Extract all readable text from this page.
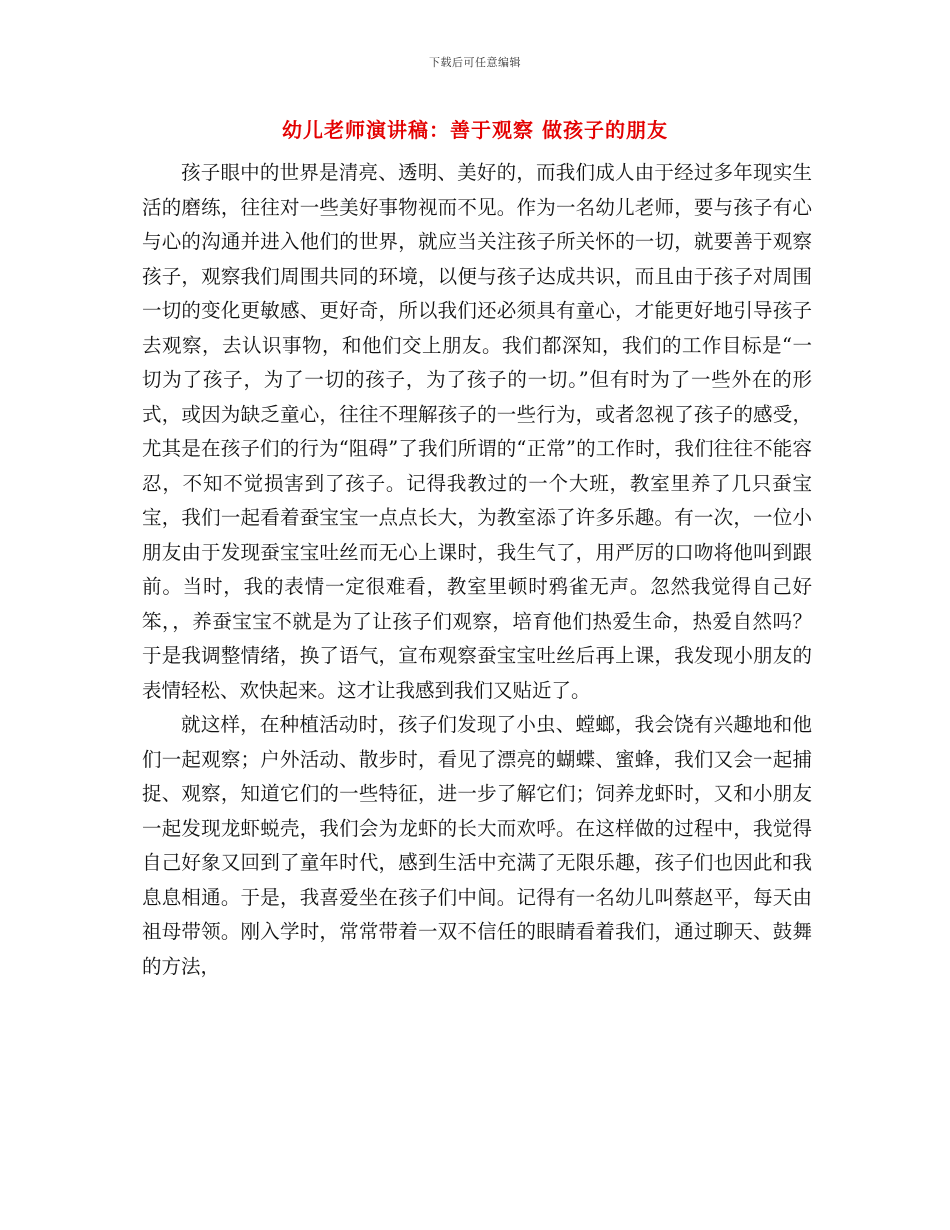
下载后可任意编辑
幼儿老师演讲稿：善于观察 做孩子的朋友

孩子眼中的世界是清亮、透明、美好的，而我们成人由于经过多年现实生活的磨练，往往对一些美好事物视而不见。作为一名幼儿老师，要与孩子有心与心的沟通并进入他们的世界，就应当关注孩子所关怀的一切，就要善于观察孩子，观察我们周围共同的环境，以便与孩子达成共识，而且由于孩子对周围一切的变化更敏感、更好奇，所以我们还必须具有童心，才能更好地引导孩子去观察，去认识事物，和他们交上朋友。我们都深知，我们的工作目标是“一切为了孩子，为了一切的孩子，为了孩子的一切。”但有时为了一些外在的形式，或因为缺乏童心，往往不理解孩子的一些行为，或者忽视了孩子的感受，尤其是在孩子们的行为“阻碍”了我们所谓的“正常”的工作时，我们往往不能容忍，不知不觉损害到了孩子。记得我教过的一个大班，教室里养了几只蚕宝宝，我们一起看着蚕宝宝一点点长大，为教室添了许多乐趣。有一次，一位小朋友由于发现蚕宝宝吐丝而无心上课时，我生气了，用严厉的口吻将他叫到跟前。当时，我的表情一定很难看，教室里顿时鸦雀无声。忽然我觉得自己好笨，，养蚕宝宝不就是为了让孩子们观察，培育他们热爱生命，热爱自然吗？于是我调整情绪，换了语气，宣布观察蚕宝宝吐丝后再上课，我发现小朋友的表情轻松、欢快起来。这才让我感到我们又贴近了。

就这样，在种植活动时，孩子们发现了小虫、螳螂，我会饶有兴趣地和他们一起观察；户外活动、散步时，看见了漂亮的蝴蝶、蜜蜂，我们又会一起捕捉、观察，知道它们的一些特征，进一步了解它们；饲养龙虾时，又和小朋友一起发现龙虾蜕壳，我们会为龙虾的长大而欢呼。在这样做的过程中，我觉得自己好象又回到了童年时代，感到生活中充满了无限乐趣，孩子们也因此和我息息相通。于是，我喜爱坐在孩子们中间。记得有一名幼儿叫蔡赵平，每天由祖母带领。刚入学时，常常带着一双不信任的眼睛看着我们，通过聊天、鼓舞的方法，
